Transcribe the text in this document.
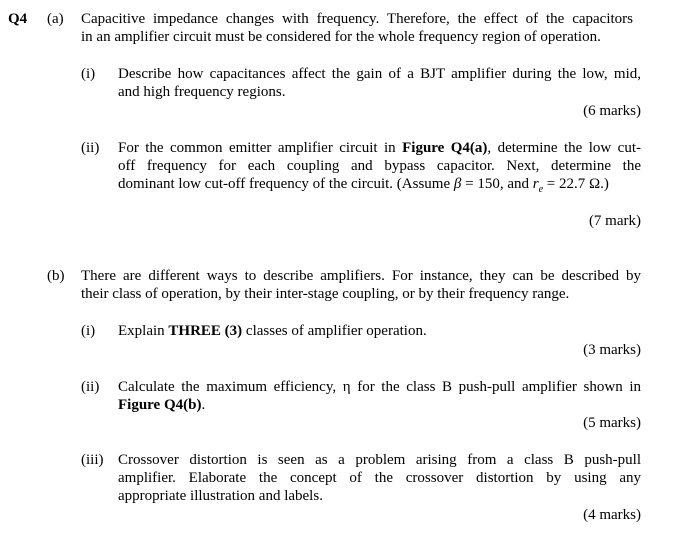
Q4 (a) Capacitive impedance changes with frequency. Therefore, the effect of the capacitors
in an amplifier circuit must be considered for the whole frequency region of operation.
(i) Describe how capacitances affect the gain of a BJT amplifier during the low, mid,
and high frequency regions.
(6 marks)
(ii) For the common emitter amplifier circuit in Figure Q4(a), determine the low cut-
off frequency for each coupling and bypass capacitor. Next, determine the
dominant low cut-off frequency of the circuit. (Assume β = 150, and $r_e = 22.7$ Ω.)
(7 mark)
(b) There are different ways to describe amplifiers. For instance, they can be described by
their class of operation, by their inter-stage coupling, or by their frequency range.
(i) Explain THREE (3) classes of amplifier operation.
(3 marks)
(ii) Calculate the maximum efficiency, η for the class B push-pull amplifier shown in
Figure Q4(b).
(5 marks)
(iii) Crossover distortion is seen as a problem arising from a class B push-pull
amplifier. Elaborate the concept of the crossover distortion by using any
appropriate illustration and labels.
(4 marks)
